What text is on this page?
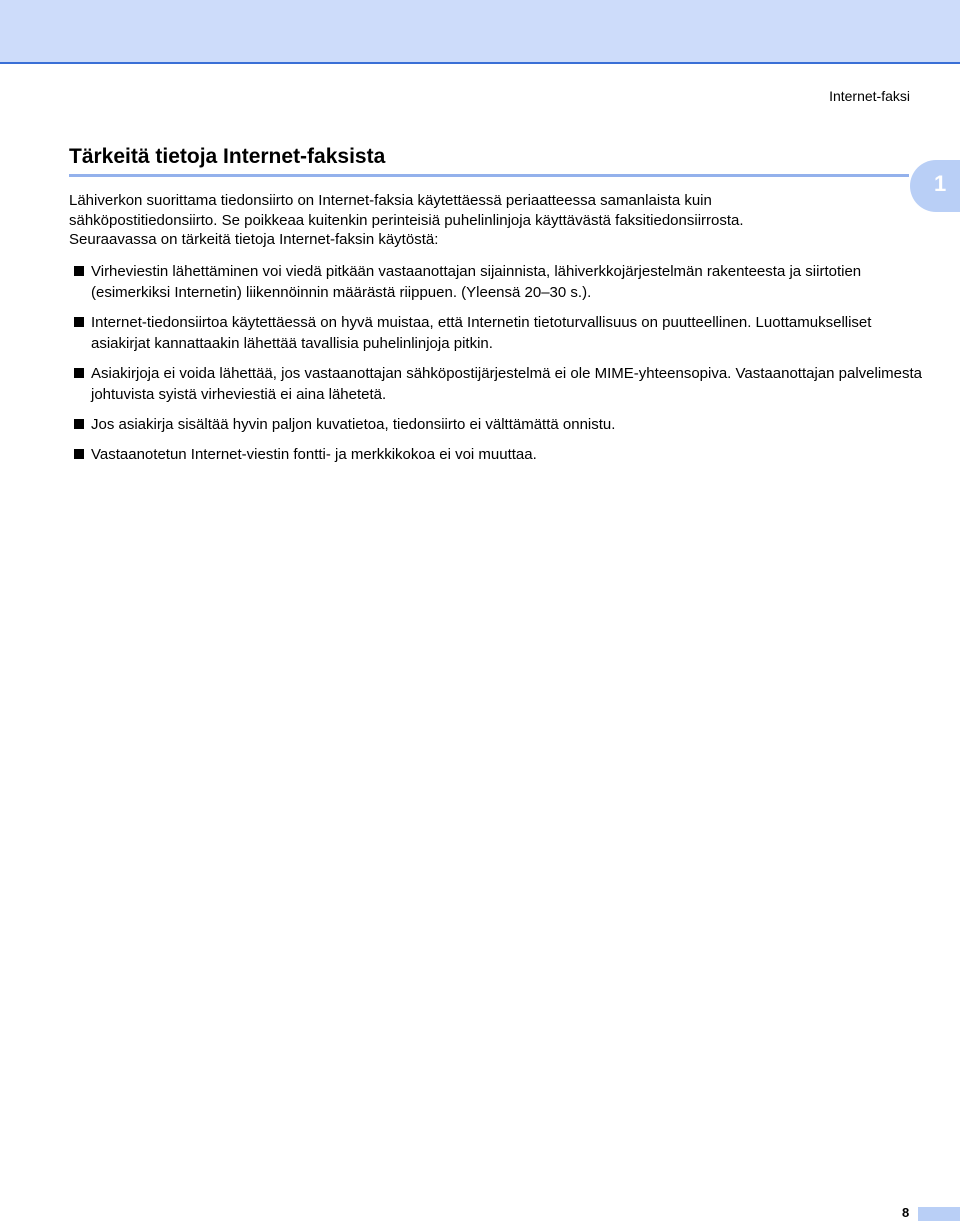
Internet-faksi
1
Tärkeitä tietoja Internet-faksista

Lähiverkon suorittama tiedonsiirto on Internet-faksia käytettäessä periaatteessa samanlaista kuin

sähköpostitiedonsiirto. Se poikkeaa kuitenkin perinteisiä puhelinlinjoja käyttävästä faksitiedonsiirrosta.

Seuraavassa on tärkeitä tietoja Internet-faksin käytöstä:

Virheviestin lähettäminen voi viedä pitkään vastaanottajan sijainnista, lähiverkkojärjestelmän rakenteesta ja siirtotien (esimerkiksi Internetin) liikennöinnin määrästä riippuen. (Yleensä 20–30 s.).
Internet-tiedonsiirtoa käytettäessä on hyvä muistaa, että Internetin tietoturvallisuus on puutteellinen. Luottamukselliset asiakirjat kannattaakin lähettää tavallisia puhelinlinjoja pitkin.
Asiakirjoja ei voida lähettää, jos vastaanottajan sähköpostijärjestelmä ei ole MIME-yhteensopiva. Vastaanottajan palvelimesta johtuvista syistä virheviestiä ei aina lähetetä.
Jos asiakirja sisältää hyvin paljon kuvatietoa, tiedonsiirto ei välttämättä onnistu.
Vastaanotetun Internet-viestin fontti- ja merkkikokoa ei voi muuttaa.
8
